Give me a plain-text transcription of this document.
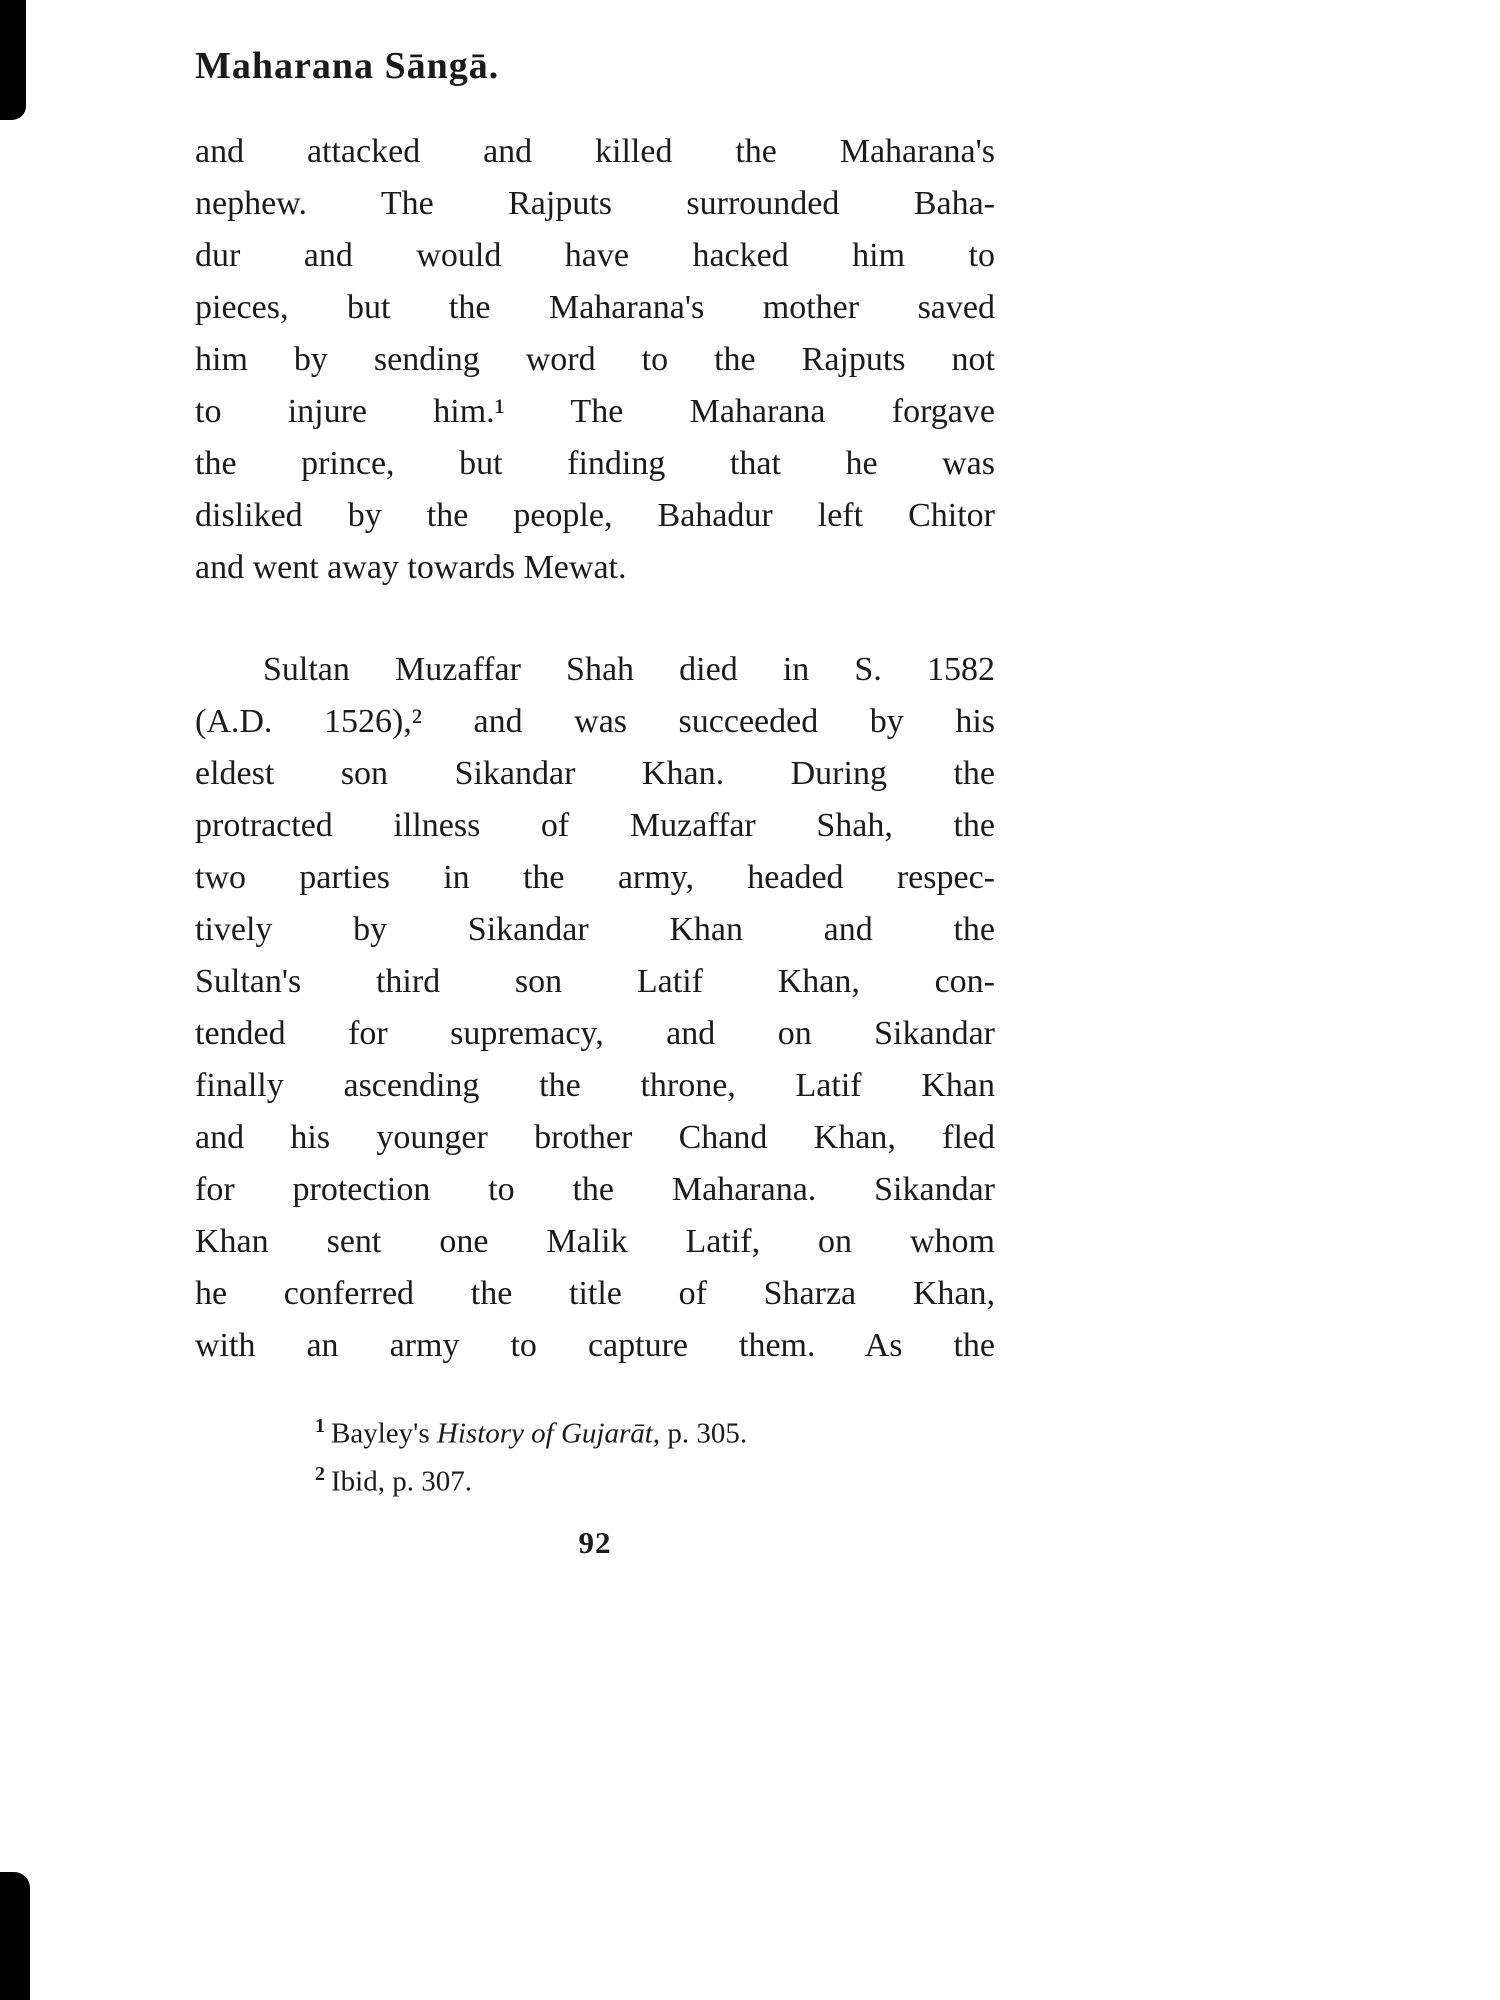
Maharana Sāngā.
and attacked and killed the Maharana's
nephew. The Rajputs surrounded Baha-
dur and would have hacked him to
pieces, but the Maharana's mother saved
him by sending word to the Rajputs not
to injure him.¹ The Maharana forgave
the prince, but finding that he was
disliked by the people, Bahadur left Chitor
and went away towards Mewat.
Sultan Muzaffar Shah died in S. 1582
(A.D. 1526),² and was succeeded by his
eldest son Sikandar Khan. During the
protracted illness of Muzaffar Shah, the
two parties in the army, headed respec-
tively by Sikandar Khan and the
Sultan's third son Latif Khan, con-
tended for supremacy, and on Sikandar
finally ascending the throne, Latif Khan
and his younger brother Chand Khan, fled
for protection to the Maharana. Sikandar
Khan sent one Malik Latif, on whom
he conferred the title of Sharza Khan,
with an army to capture them. As the
$^1$ Bayley's History of Gujarāt, p. 305.
$^2$ Ibid, p. 307.
92
